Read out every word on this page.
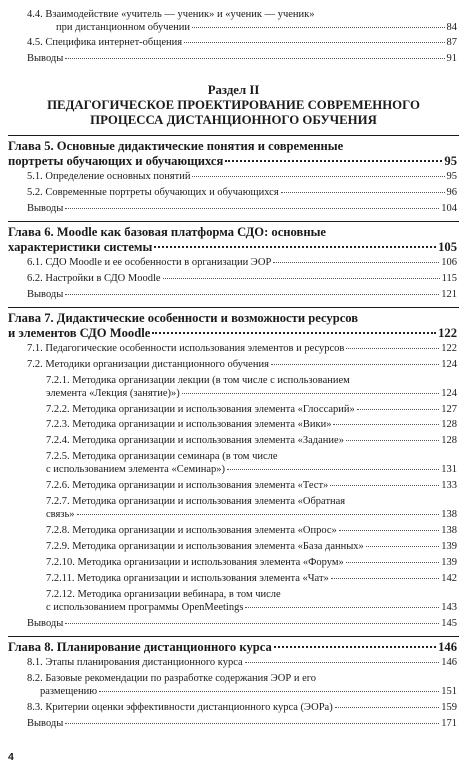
4.4. Взаимодействие «учитель — ученик» и «ученик — ученик»
при дистанционном обучении	84
4.5. Специфика интернет-общения	87
Выводы	91
Раздел II
ПЕДАГОГИЧЕСКОЕ ПРОЕКТИРОВАНИЕ СОВРЕМЕННОГО
ПРОЦЕССА ДИСТАНЦИОННОГО ОБУЧЕНИЯ
Глава 5. Основные дидактические понятия и современные
портреты обучающих и обучающихся	95
5.1. Определение основных понятий	95
5.2. Современные портреты обучающих и обучающихся	96
Выводы	104
Глава 6. Moodle как базовая платформа СДО: основные
характеристики системы	105
6.1. СДО Moodle и ее особенности в организации ЭОР	106
6.2. Настройки в СДО Moodle	115
Выводы	121
Глава 7. Дидактические особенности и возможности ресурсов
и элементов СДО Moodle	122
7.1. Педагогические особенности использования элементов и ресурсов	122
7.2. Методики организации дистанционного обучения	124
7.2.1. Методика организации лекции (в том числе с использованием
элемента «Лекция (занятие)»)	124
7.2.2. Методика организации и использования элемента «Глоссарий»	127
7.2.3. Методика организации и использования элемента «Вики»	128
7.2.4. Методика организации и использования элемента «Задание»	128
7.2.5. Методика организации семинара (в том числе
с использованием элемента «Семинар»)	131
7.2.6. Методика организации и использования элемента «Тест»	133
7.2.7. Методика организации и использования элемента «Обратная
связь»	138
7.2.8. Методика организации и использования элемента «Опрос»	138
7.2.9. Методика организации и использования элемента «База данных»	139
7.2.10. Методика организации и использования элемента «Форум»	139
7.2.11. Методика организации и использования элемента «Чат»	142
7.2.12. Методика организации вебинара, в том числе
с использованием программы OpenMeetings	143
Выводы	145
Глава 8. Планирование дистанционного курса	146
8.1. Этапы планирования дистанционного курса	146
8.2. Базовые рекомендации по разработке содержания ЭОР и его
размещению	151
8.3. Критерии оценки эффективности дистанционного курса (ЭОРа)	159
Выводы	171
4
